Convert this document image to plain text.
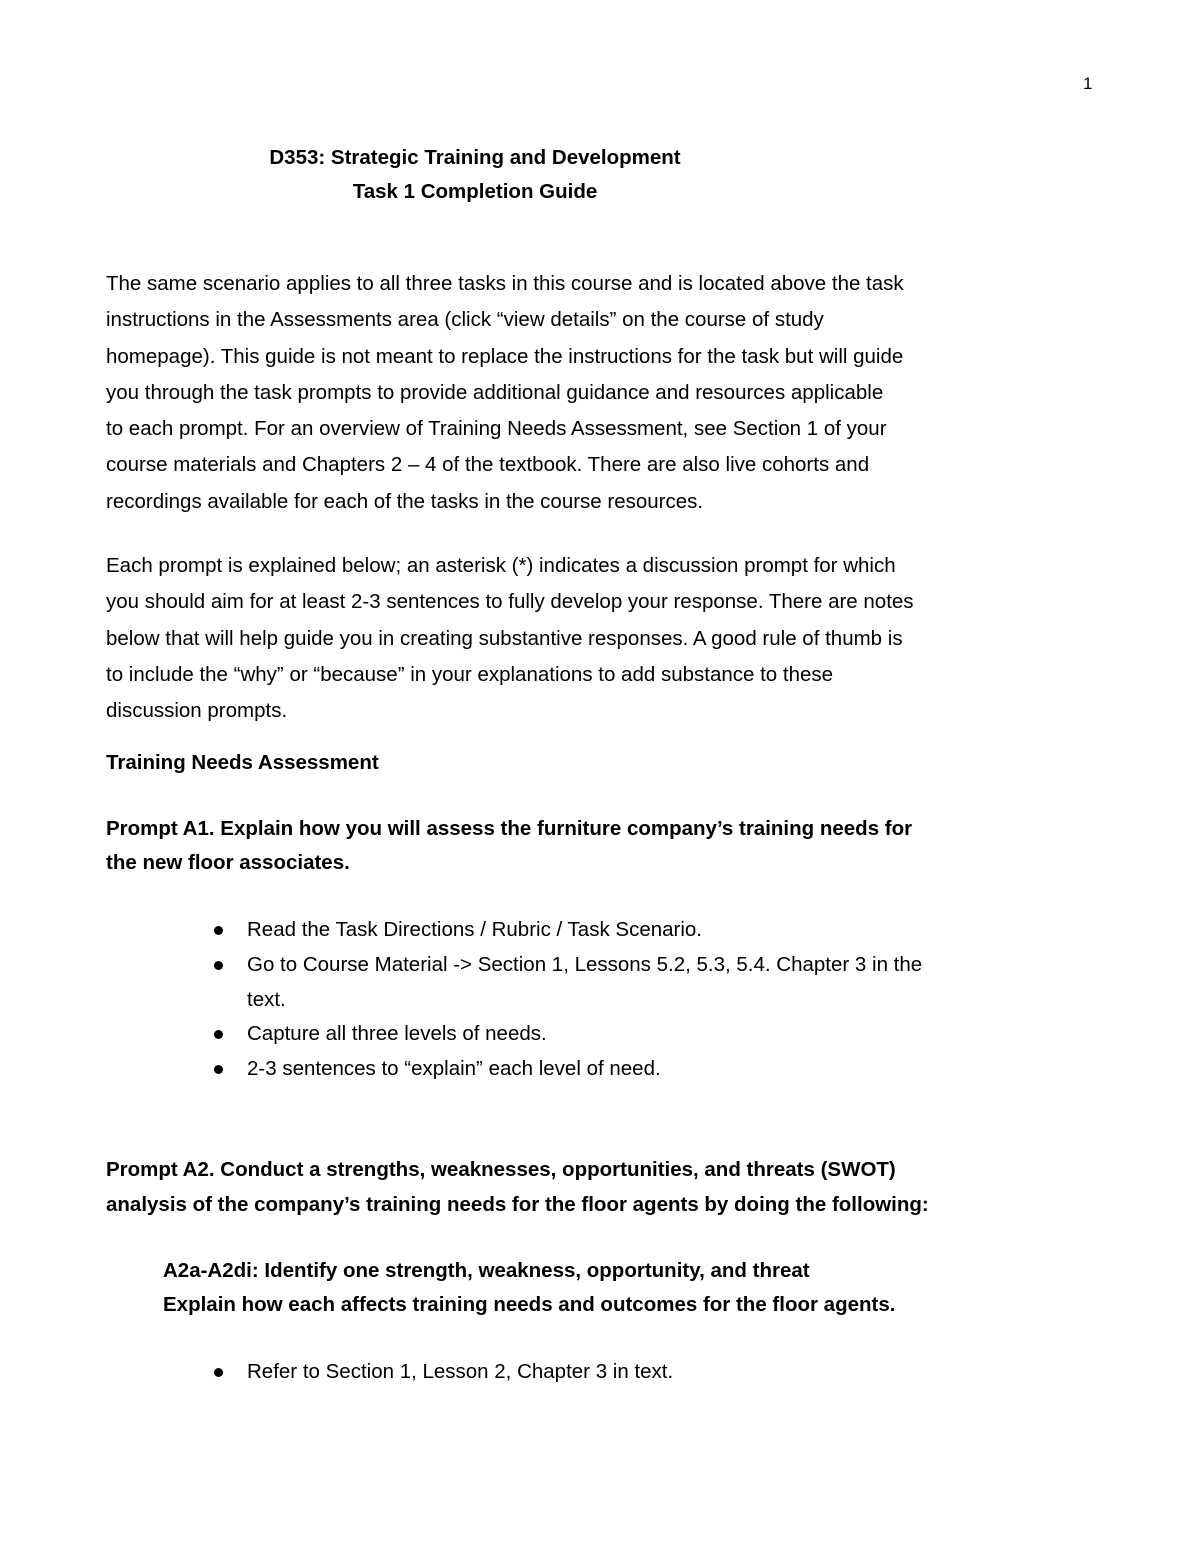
1
D353: Strategic Training and Development
Task 1 Completion Guide
The same scenario applies to all three tasks in this course and is located above the task
instructions in the Assessments area (click “view details” on the course of study
homepage). This guide is not meant to replace the instructions for the task but will guide
you through the task prompts to provide additional guidance and resources applicable
to each prompt. For an overview of Training Needs Assessment, see Section 1 of your
course materials and Chapters 2 – 4 of the textbook. There are also live cohorts and
recordings available for each of the tasks in the course resources.
Each prompt is explained below; an asterisk (*) indicates a discussion prompt for which
you should aim for at least 2-3 sentences to fully develop your response. There are notes
below that will help guide you in creating substantive responses. A good rule of thumb is
to include the “why” or “because” in your explanations to add substance to these
discussion prompts.
Training Needs Assessment
Prompt A1. Explain how you will assess the furniture company’s training needs for
the new floor associates.
Read the Task Directions / Rubric / Task Scenario.
Go to Course Material -> Section 1, Lessons 5.2, 5.3, 5.4. Chapter 3 in the
text.
Capture all three levels of needs.
2-3 sentences to “explain” each level of need.
Prompt A2. Conduct a strengths, weaknesses, opportunities, and threats (SWOT)
analysis of the company’s training needs for the floor agents by doing the following:
A2a-A2di: Identify one strength, weakness, opportunity, and threat
Explain how each affects training needs and outcomes for the floor agents.
Refer to Section 1, Lesson 2, Chapter 3 in text.
